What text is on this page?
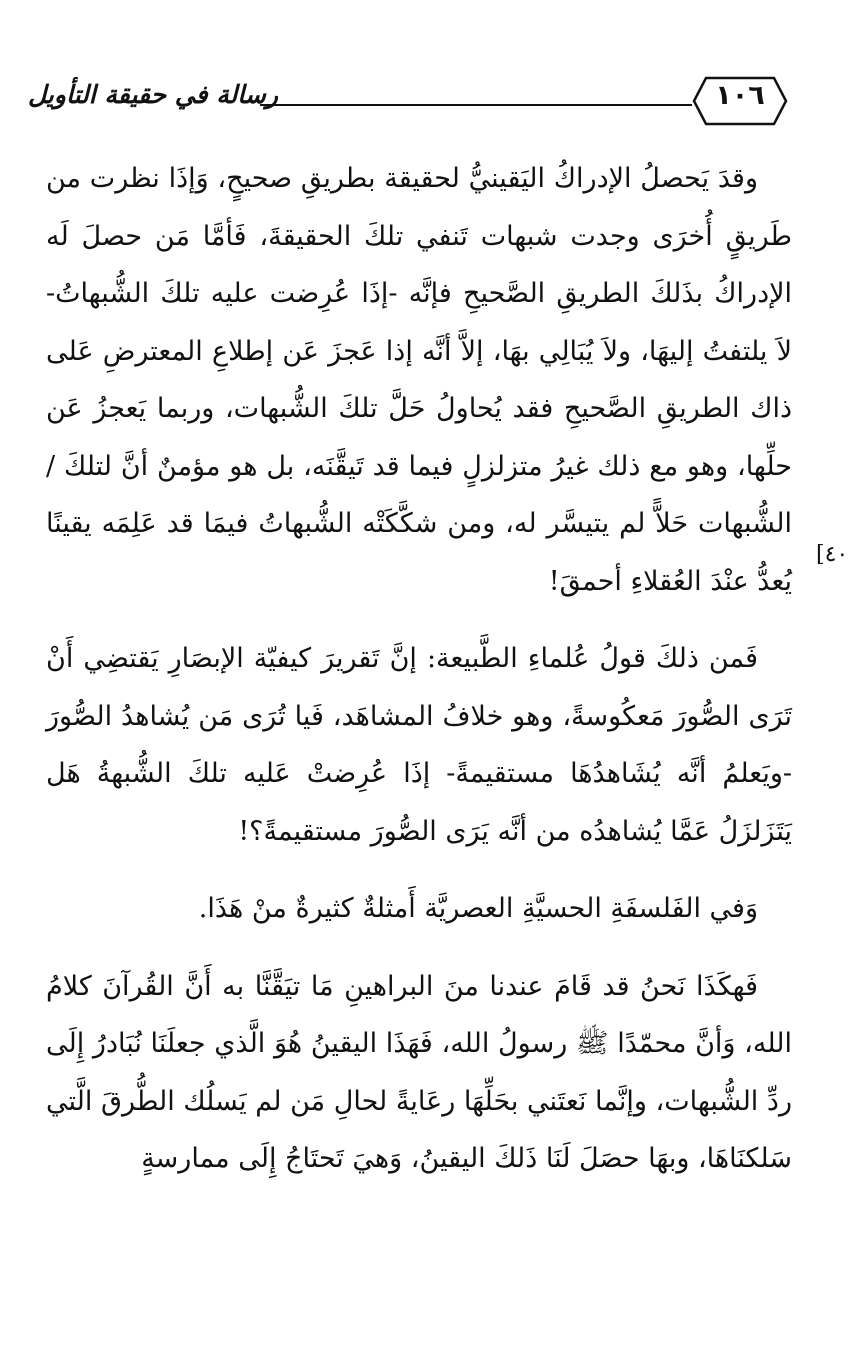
رسالة في حقيقة التأويل	١٠٦

وقدَ يَحصلُ الإدراكُ اليَقينيُّ لحقيقة بطريقِ صحيحٍ، وَإذَا نظرت من طَريقٍ أُخرَى وجدت شبهات تَنفي تلكَ الحقيقةَ، فَأمَّا مَن حصلَ لَه الإدراكُ بذَلكَ الطريقِ الصَّحيحِ فإنَّه -إذَا عُرِضت عليه تلكَ الشُّبهاتُ- لاَ يلتفتُ إليهَا، ولاَ يُبَالِي بهَا، إلاَّ أنَّه إذا عَجزَ عَن إطلاعِ المعترضِ عَلى ذاك الطريقِ الصَّحيحِ فقد يُحاولُ حَلَّ تلكَ الشُّبهات، وربما يَعجزُ عَن حلِّها، وهو مع ذلك غيرُ متزلزلٍ فيما قد تَيقَّنَه، بل هو مؤمنٌ أنَّ لتلكَ / الشُّبهات حَلاًّ لم يتيسَّر له، ومن شكَّكَتْه الشُّبهاتُ فيمَا قد عَلِمَه يقينًا يُعدُّ عنْدَ العُقلاءِ أحمقَ!

فَمن ذلكَ قولُ عُلماءِ الطَّبيعة: إنَّ تَقريرَ كيفيّة الإبصَارِ يَقتضِي أَنْ تَرَى الصُّورَ مَعكُوسةً، وهو خلافُ المشاهَد، فَيا تُرَى مَن يُشاهدُ الصُّورَ -ويَعلمُ أنَّه يُشَاهدُهَا مستقيمةً- إذَا عُرِضتْ عَليه تلكَ الشُّبهةُ هَل يَتَزَلزَلُ عَمَّا يُشاهدُه من أنَّه يَرَى الصُّورَ مستقيمةً؟!

وَفي الفَلسفَةِ الحسيَّةِ العصريَّة أَمثلةٌ كثيرةٌ منْ هَذَا.

فَهكَذَا نَحنُ قد قَامَ عندنا منَ البراهينِ مَا تيَقَّنَّا به أَنَّ القُرآنَ كلامُ الله، وَأنَّ محمّدًا ﷺ رسولُ الله، فَهَذَا اليقينُ هُوَ الَّذي جعلَنَا نُبَادرُ إِلَى ردِّ الشُّبهات، وإنَّما نَعتَني بحَلِّهَا رعَايةً لحالِ مَن لم يَسلُك الطُّرقَ الَّتي سَلكنَاهَا، وبهَا حصَلَ لَنَا ذَلكَ اليقينُ، وَهيَ تَحتَاجُ إِلَى ممارسةٍ

[٤٠
